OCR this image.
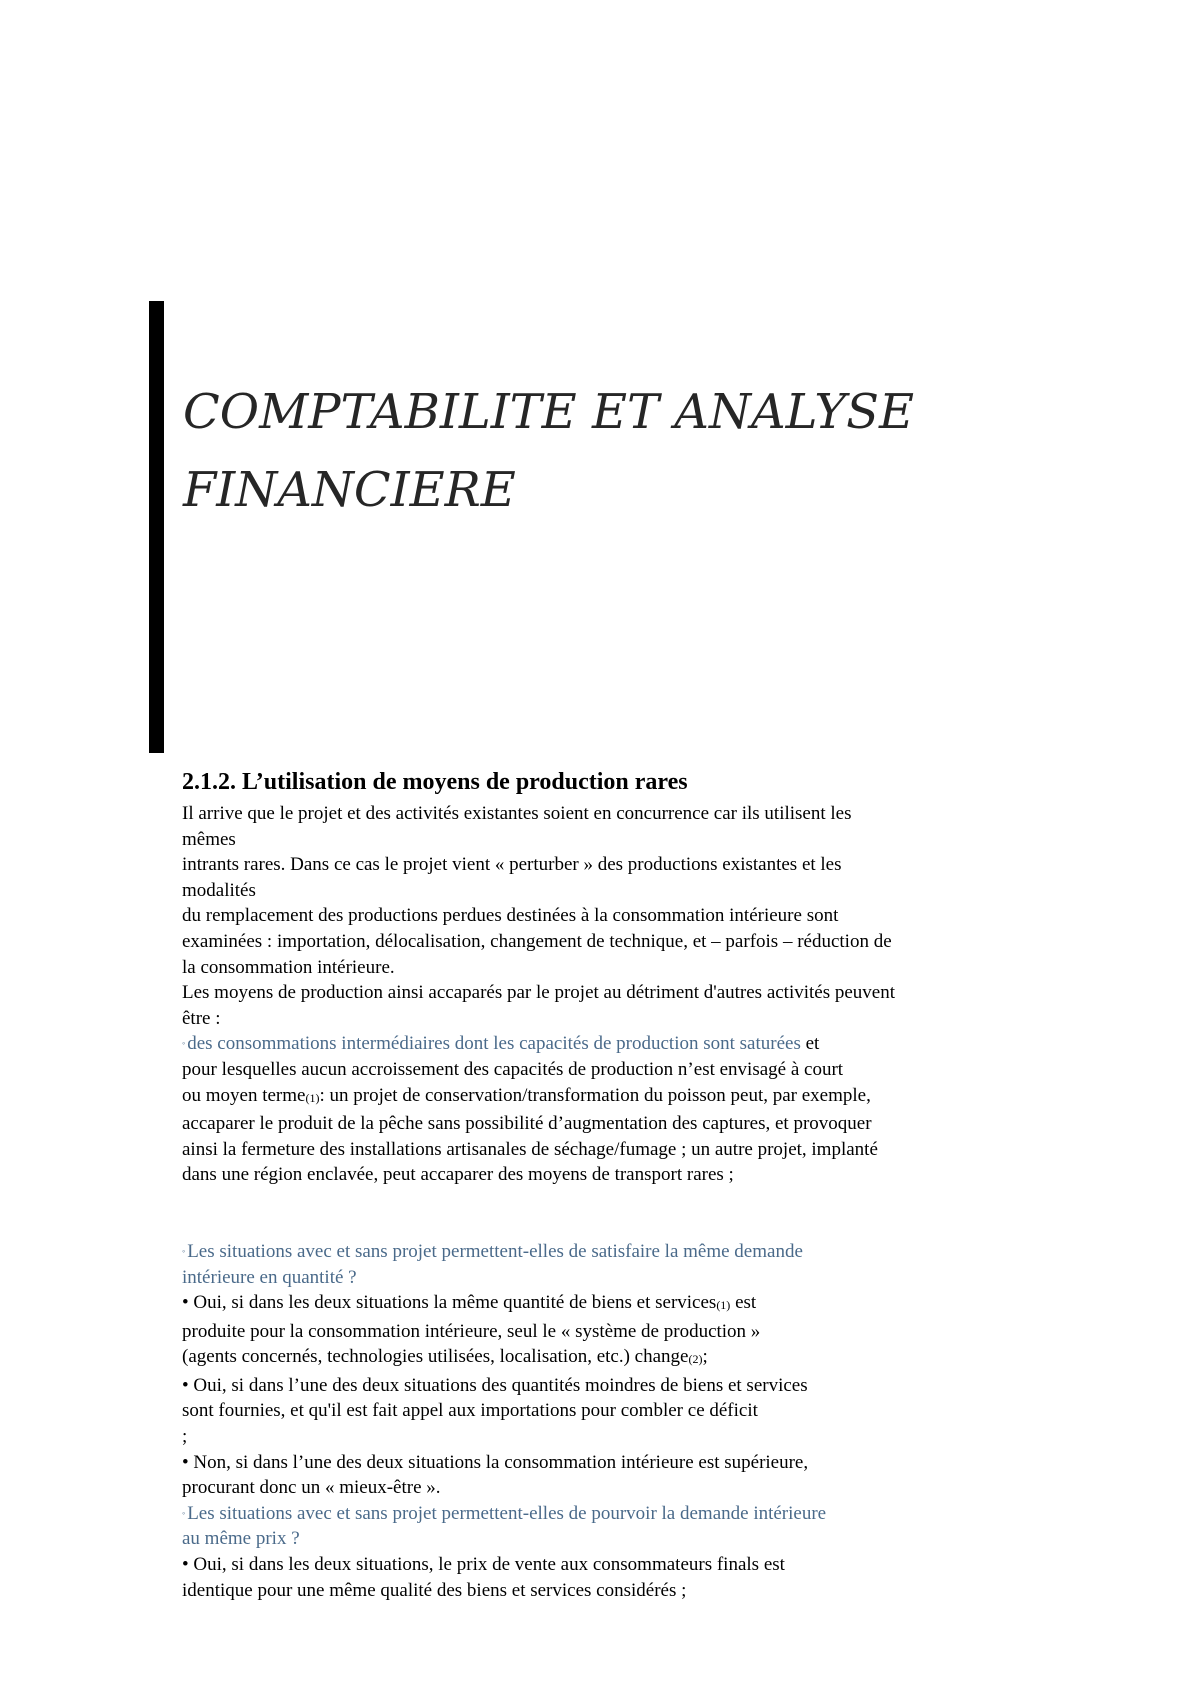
COMPTABILITE ET ANALYSE
FINANCIERE
2.1.2. L’utilisation de moyens de production rares
Il arrive que le projet et des activités existantes soient en concurrence car ils utilisent les
mêmes
intrants rares. Dans ce cas le projet vient « perturber » des productions existantes et les
modalités
du remplacement des productions perdues destinées à la consommation intérieure sont
examinées : importation, délocalisation, changement de technique, et – parfois – réduction de
la consommation intérieure.
Les moyens de production ainsi accaparés par le projet au détriment d'autres activités peuvent
être :
◦ des consommations intermédiaires dont les capacités de production sont saturées et
pour lesquelles aucun accroissement des capacités de production n’est envisagé à court
ou moyen terme(1): un projet de conservation/transformation du poisson peut, par exemple,
accaparer le produit de la pêche sans possibilité d’augmentation des captures, et provoquer
ainsi la fermeture des installations artisanales de séchage/fumage ; un autre projet, implanté
dans une région enclavée, peut accaparer des moyens de transport rares ;
◦ Les situations avec et sans projet permettent-elles de satisfaire la même demande
intérieure en quantité ?
• Oui, si dans les deux situations la même quantité de biens et services(1) est
produite pour la consommation intérieure, seul le « système de production »
(agents concernés, technologies utilisées, localisation, etc.) change(2);
• Oui, si dans l’une des deux situations des quantités moindres de biens et services
sont fournies, et qu'il est fait appel aux importations pour combler ce déficit
;
• Non, si dans l’une des deux situations la consommation intérieure est supérieure,
procurant donc un « mieux-être ».
◦ Les situations avec et sans projet permettent-elles de pourvoir la demande intérieure
au même prix ?
• Oui, si dans les deux situations, le prix de vente aux consommateurs finals est
identique pour une même qualité des biens et services considérés ;
